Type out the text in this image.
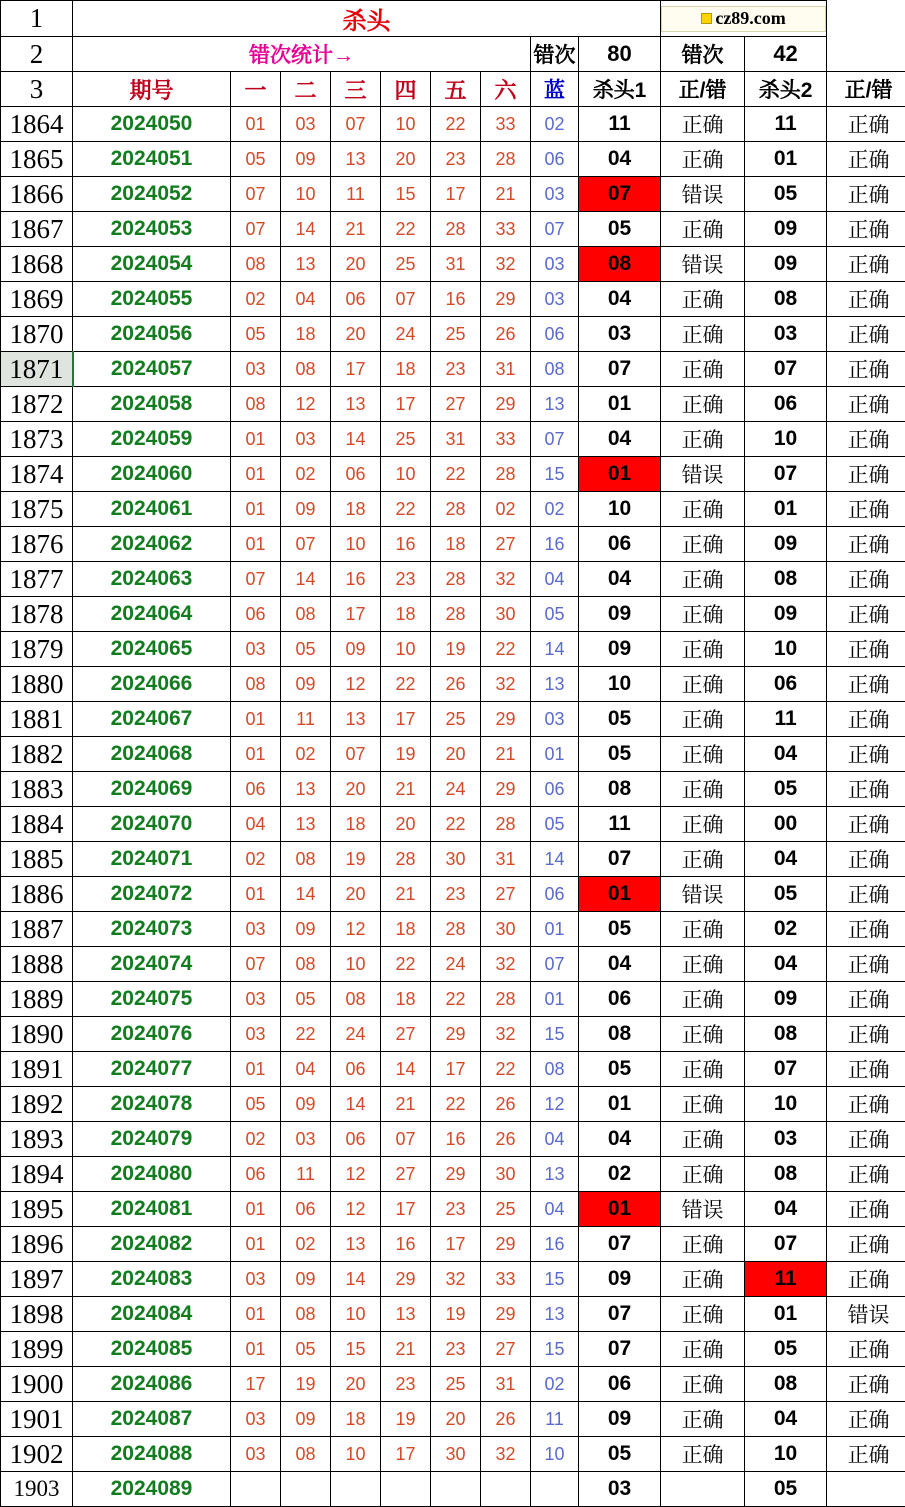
1	杀头									cz89.com		

2	错次统计→							错次	80	错次	42	
3	期号	一	二	三	四	五	六	蓝	杀头1	正/错	杀头2	正/错
1864	2024050	01	03	07	10	22	33	02	11	正确	11	正确
1865	2024051	05	09	13	20	23	28	06	04	正确	01	正确
1866	2024052	07	10	11	15	17	21	03	07	错误	05	正确
1867	2024053	07	14	21	22	28	33	07	05	正确	09	正确
1868	2024054	08	13	20	25	31	32	03	08	错误	09	正确
1869	2024055	02	04	06	07	16	29	03	04	正确	08	正确
1870	2024056	05	18	20	24	25	26	06	03	正确	03	正确
1871	2024057	03	08	17	18	23	31	08	07	正确	07	正确
1872	2024058	08	12	13	17	27	29	13	01	正确	06	正确
1873	2024059	01	03	14	25	31	33	07	04	正确	10	正确
1874	2024060	01	02	06	10	22	28	15	01	错误	07	正确
1875	2024061	01	09	18	22	28	02	02	10	正确	01	正确
1876	2024062	01	07	10	16	18	27	16	06	正确	09	正确
1877	2024063	07	14	16	23	28	32	04	04	正确	08	正确
1878	2024064	06	08	17	18	28	30	05	09	正确	09	正确
1879	2024065	03	05	09	10	19	22	14	09	正确	10	正确
1880	2024066	08	09	12	22	26	32	13	10	正确	06	正确
1881	2024067	01	11	13	17	25	29	03	05	正确	11	正确
1882	2024068	01	02	07	19	20	21	01	05	正确	04	正确
1883	2024069	06	13	20	21	24	29	06	08	正确	05	正确
1884	2024070	04	13	18	20	22	28	05	11	正确	00	正确
1885	2024071	02	08	19	28	30	31	14	07	正确	04	正确
1886	2024072	01	14	20	21	23	27	06	01	错误	05	正确
1887	2024073	03	09	12	18	28	30	01	05	正确	02	正确
1888	2024074	07	08	10	22	24	32	07	04	正确	04	正确
1889	2024075	03	05	08	18	22	28	01	06	正确	09	正确
1890	2024076	03	22	24	27	29	32	15	08	正确	08	正确
1891	2024077	01	04	06	14	17	22	08	05	正确	07	正确
1892	2024078	05	09	14	21	22	26	12	01	正确	10	正确
1893	2024079	02	03	06	07	16	26	04	04	正确	03	正确
1894	2024080	06	11	12	27	29	30	13	02	正确	08	正确
1895	2024081	01	06	12	17	23	25	04	01	错误	04	正确
1896	2024082	01	02	13	16	17	29	16	07	正确	07	正确
1897	2024083	03	09	14	29	32	33	15	09	正确	11	正确
1898	2024084	01	08	10	13	19	29	13	07	正确	01	错误
1899	2024085	01	05	15	21	23	27	15	07	正确	05	正确
1900	2024086	17	19	20	23	25	31	02	06	正确	08	正确
1901	2024087	03	09	18	19	20	26	11	09	正确	04	正确
1902	2024088	03	08	10	17	30	32	10	05	正确	10	正确
1903	2024089								03		05	
